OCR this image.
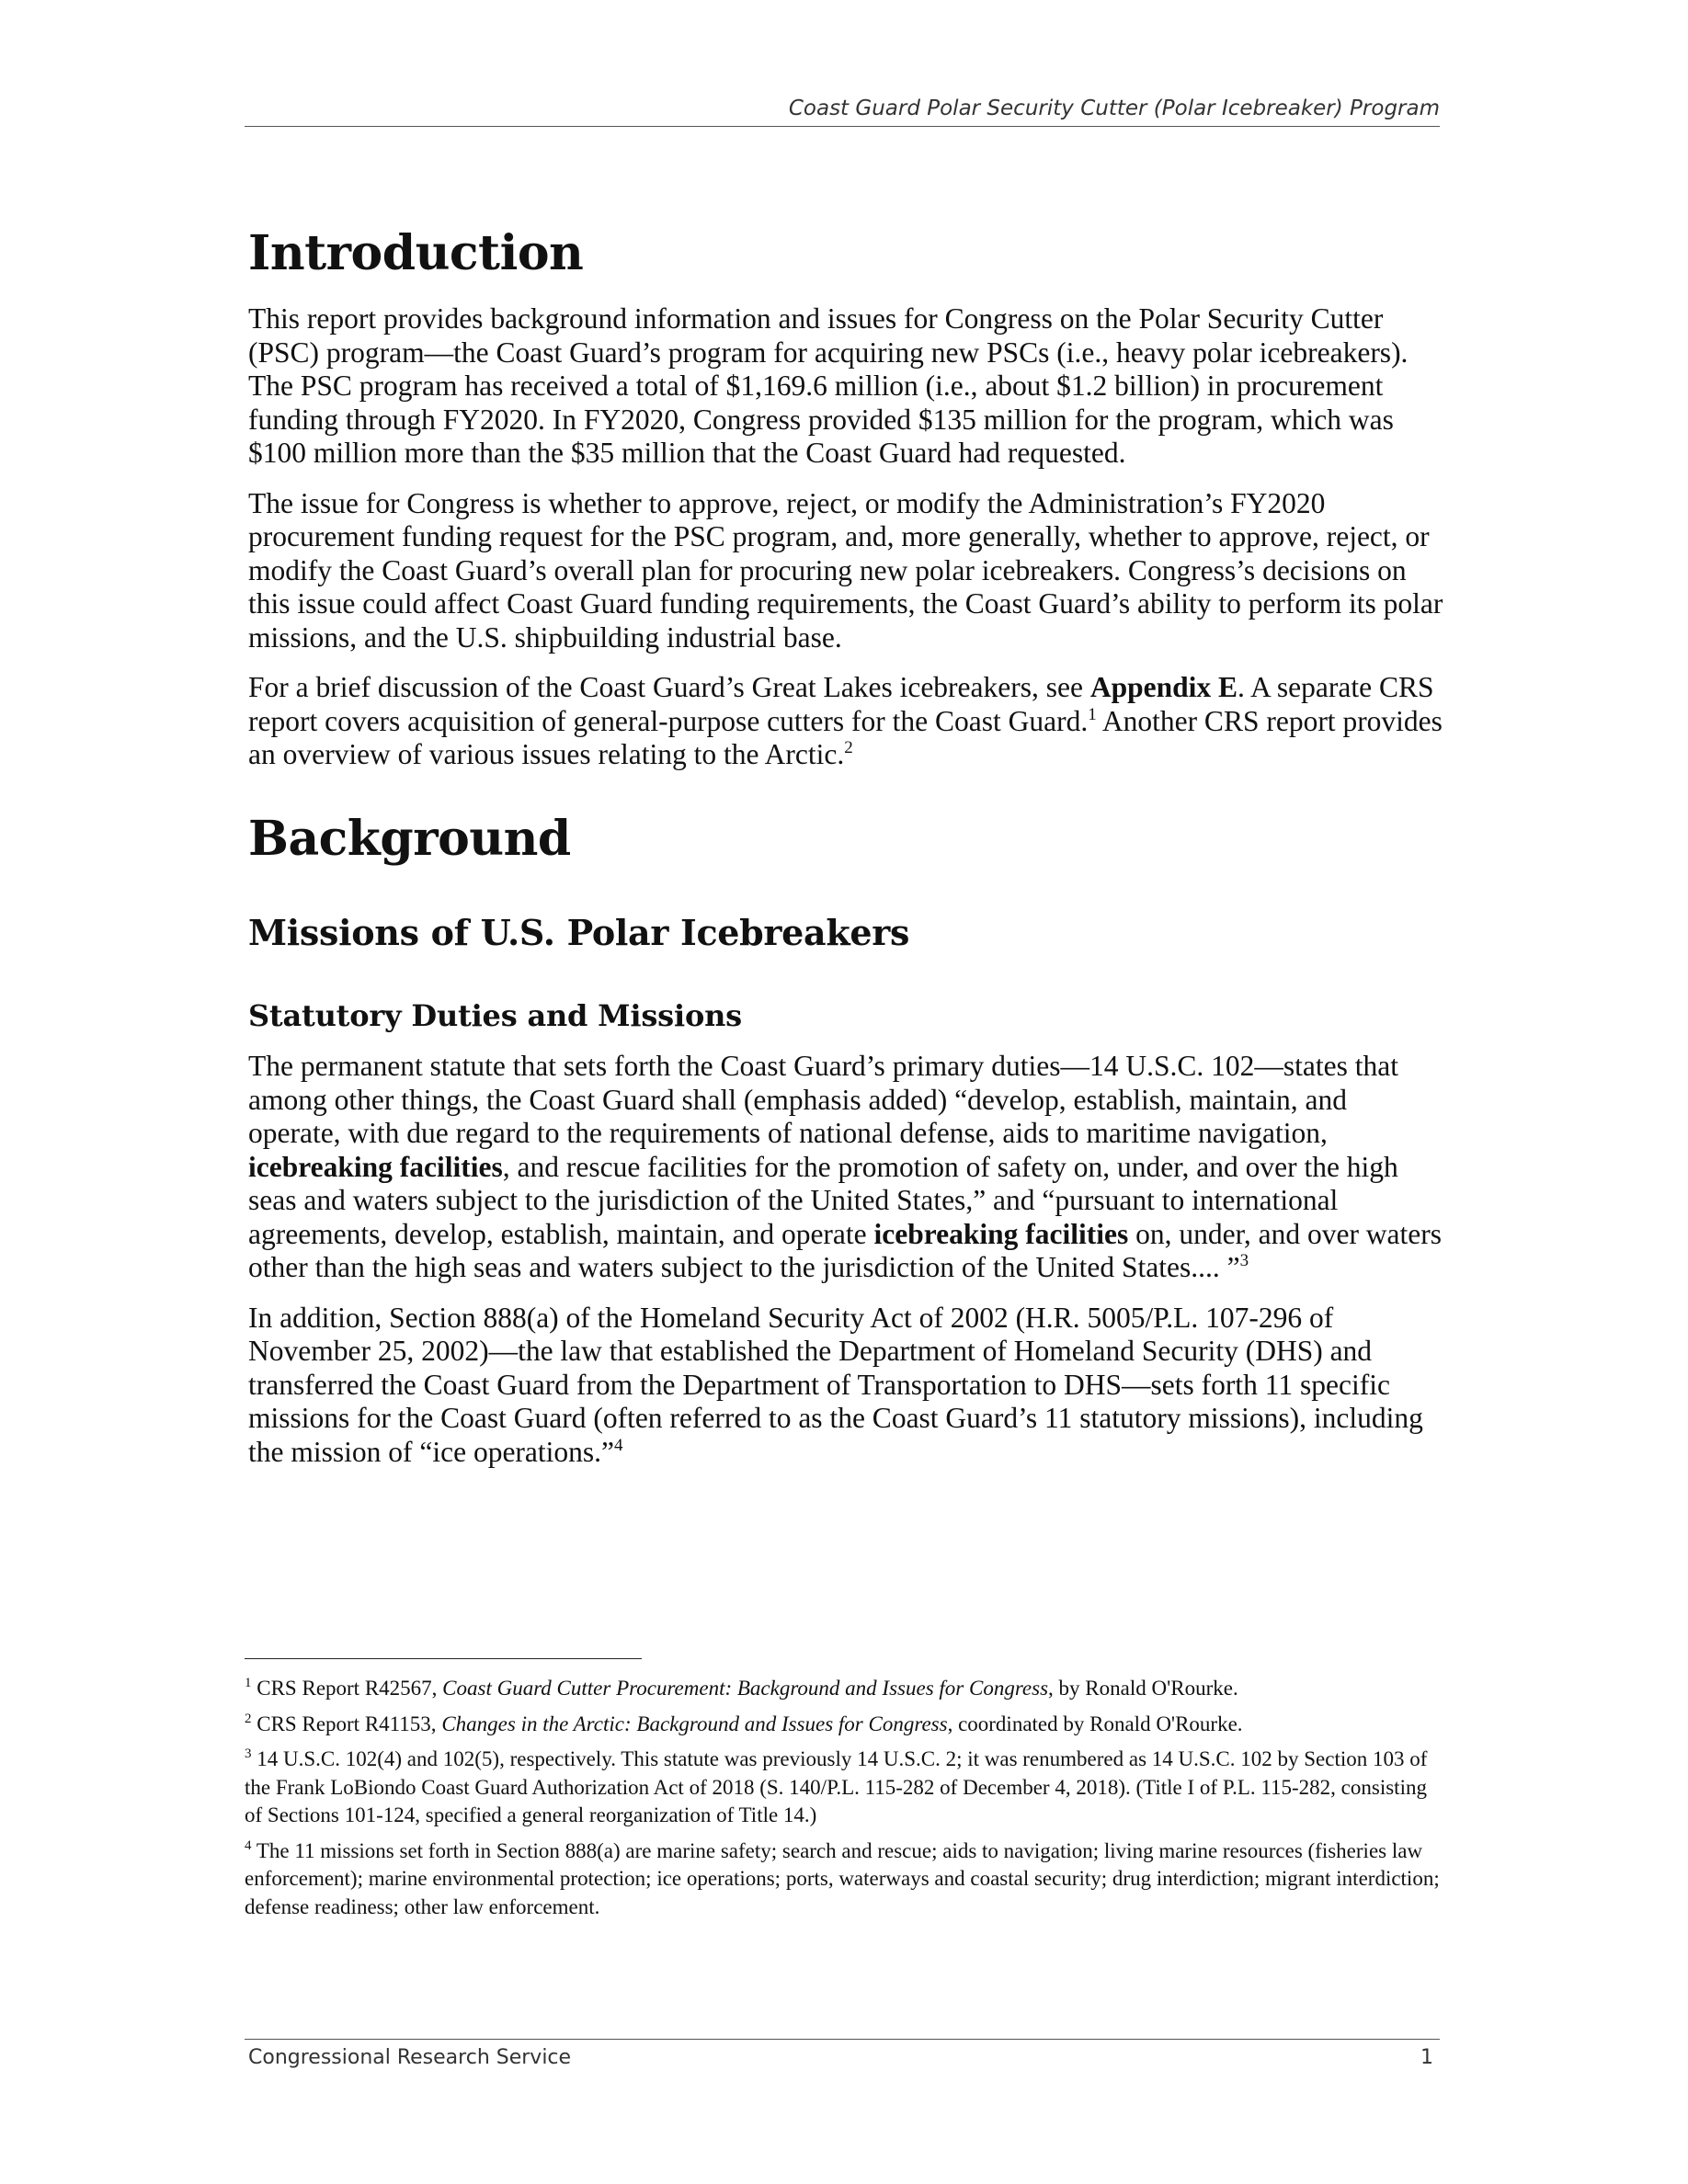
Coast Guard Polar Security Cutter (Polar Icebreaker) Program
Introduction

This report provides background information and issues for Congress on the Polar Security Cutter (PSC) program—the Coast Guard’s program for acquiring new PSCs (i.e., heavy polar icebreakers). The PSC program has received a total of $1,169.6 million (i.e., about $1.2 billion) in procurement funding through FY2020. In FY2020, Congress provided $135 million for the program, which was $100 million more than the $35 million that the Coast Guard had requested.

The issue for Congress is whether to approve, reject, or modify the Administration’s FY2020 procurement funding request for the PSC program, and, more generally, whether to approve, reject, or modify the Coast Guard’s overall plan for procuring new polar icebreakers. Congress’s decisions on this issue could affect Coast Guard funding requirements, the Coast Guard’s ability to perform its polar missions, and the U.S. shipbuilding industrial base.

For a brief discussion of the Coast Guard’s Great Lakes icebreakers, see Appendix E. A separate CRS report covers acquisition of general-purpose cutters for the Coast Guard.$^1$ Another CRS report provides an overview of various issues relating to the Arctic.$^2$

Background
Missions of U.S. Polar Icebreakers
Statutory Duties and Missions

The permanent statute that sets forth the Coast Guard’s primary duties—14 U.S.C. 102—states that among other things, the Coast Guard shall (emphasis added) “develop, establish, maintain, and operate, with due regard to the requirements of national defense, aids to maritime navigation, icebreaking facilities, and rescue facilities for the promotion of safety on, under, and over the high seas and waters subject to the jurisdiction of the United States,” and “pursuant to international agreements, develop, establish, maintain, and operate icebreaking facilities on, under, and over waters other than the high seas and waters subject to the jurisdiction of the United States.... ”$^3$

In addition, Section 888(a) of the Homeland Security Act of 2002 (H.R. 5005/P.L. 107-296 of November 25, 2002)—the law that established the Department of Homeland Security (DHS) and transferred the Coast Guard from the Department of Transportation to DHS—sets forth 11 specific missions for the Coast Guard (often referred to as the Coast Guard’s 11 statutory missions), including the mission of “ice operations.”$^4$

$^1$ CRS Report R42567, Coast Guard Cutter Procurement: Background and Issues for Congress, by Ronald O'Rourke.

$^2$ CRS Report R41153, Changes in the Arctic: Background and Issues for Congress, coordinated by Ronald O'Rourke.

$^3$ 14 U.S.C. 102(4) and 102(5), respectively. This statute was previously 14 U.S.C. 2; it was renumbered as 14 U.S.C. 102 by Section 103 of the Frank LoBiondo Coast Guard Authorization Act of 2018 (S. 140/P.L. 115-282 of December 4, 2018). (Title I of P.L. 115-282, consisting of Sections 101-124, specified a general reorganization of Title 14.)

$^4$ The 11 missions set forth in Section 888(a) are marine safety; search and rescue; aids to navigation; living marine resources (fisheries law enforcement); marine environmental protection; ice operations; ports, waterways and coastal security; drug interdiction; migrant interdiction; defense readiness; other law enforcement.

Congressional Research Service	1
